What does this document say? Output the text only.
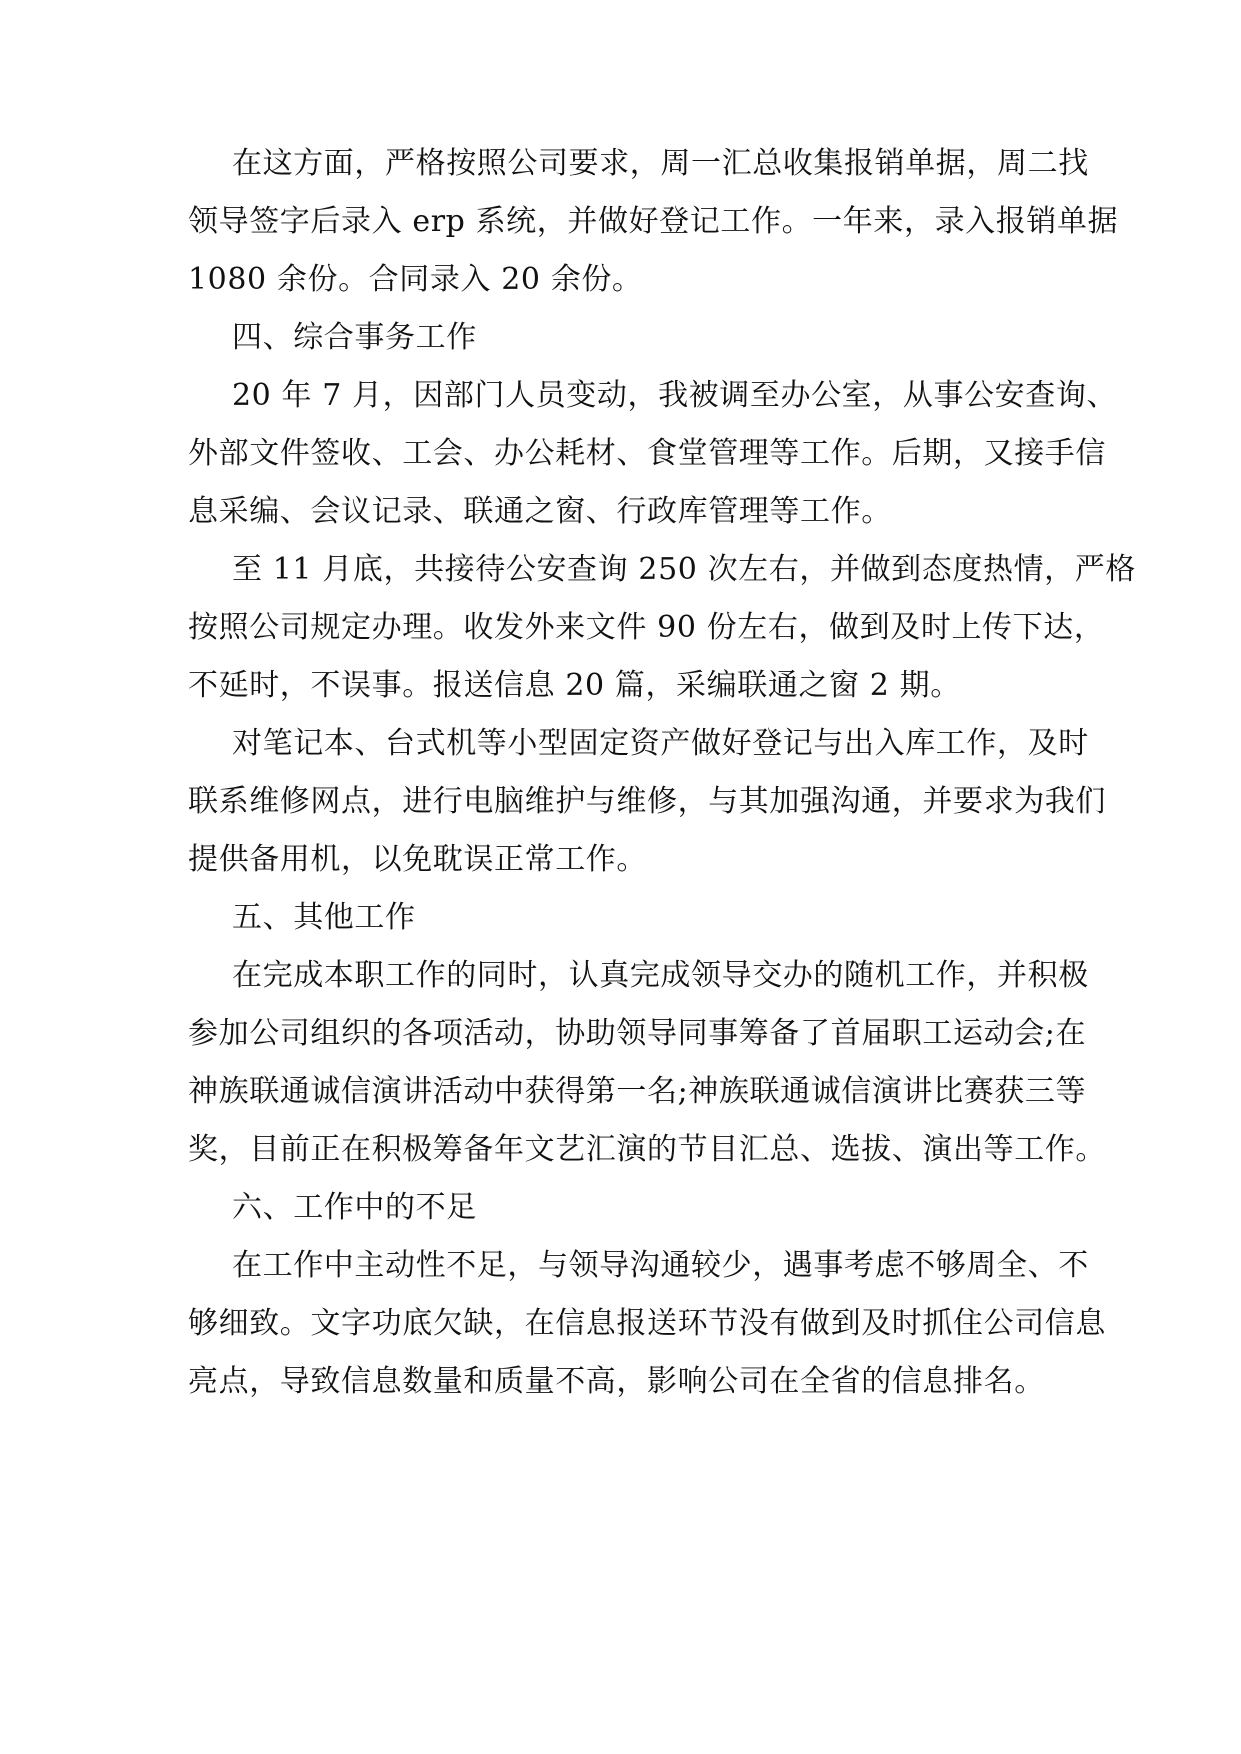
在这方面，严格按照公司要求，周一汇总收集报销单据，周二找
领导签字后录入 erp 系统，并做好登记工作。一年来，录入报销单据
1080 余份。合同录入 20 余份。
四、综合事务工作
20 年 7 月，因部门人员变动，我被调至办公室，从事公安查询、
外部文件签收、工会、办公耗材、食堂管理等工作。后期，又接手信
息采编、会议记录、联通之窗、行政库管理等工作。
至 11 月底，共接待公安查询 250 次左右，并做到态度热情，严格
按照公司规定办理。收发外来文件 90 份左右，做到及时上传下达，
不延时，不误事。报送信息 20 篇，采编联通之窗 2 期。
对笔记本、台式机等小型固定资产做好登记与出入库工作，及时
联系维修网点，进行电脑维护与维修，与其加强沟通，并要求为我们
提供备用机，以免耽误正常工作。
五、其他工作
在完成本职工作的同时，认真完成领导交办的随机工作，并积极
参加公司组织的各项活动，协助领导同事筹备了首届职工运动会;在
神族联通诚信演讲活动中获得第一名;神族联通诚信演讲比赛获三等
奖，目前正在积极筹备年文艺汇演的节目汇总、选拔、演出等工作。
六、工作中的不足
在工作中主动性不足，与领导沟通较少，遇事考虑不够周全、不
够细致。文字功底欠缺，在信息报送环节没有做到及时抓住公司信息
亮点，导致信息数量和质量不高，影响公司在全省的信息排名。
